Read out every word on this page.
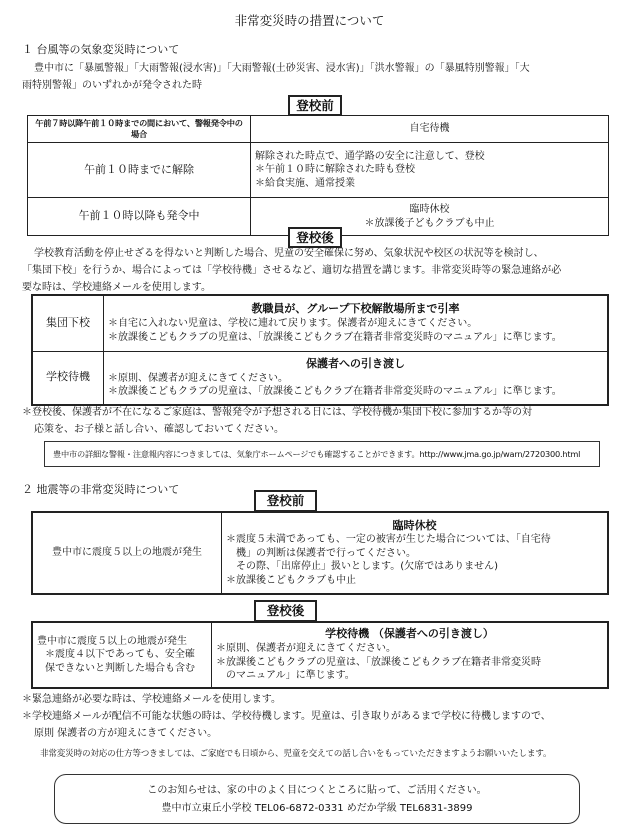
非常変災時の措置について
１ 台風等の気象変災時について
豊中市に「暴風警報」「大雨警報(浸水害)」「大雨警報(土砂災害、浸水害)」「洪水警報」の「暴風特別警報」「大
雨特別警報」のいずれかが発令された時
登校前
午前７時以降午前１０時までの間において、警報発令中の場合	自宅待機
午前１０時までに解除	解除された時点で、通学路の安全に注意して、登校
＊午前１０時に解除された時も登校
＊給食実施、通常授業

午前１０時以降も発令中	臨時休校
＊放課後子どもクラブも中止
登校後
学校教育活動を停止せざるを得ないと判断した場合、児童の安全確保に努め、気象状況や校区の状況等を検討し、
「集団下校」を行うか、場合によっては「学校待機」させるなど、適切な措置を講じます。非常変災時等の緊急連絡が必
要な時は、学校連絡メールを使用します。
集団下校	教職員が、グループ下校解散場所まで引率
＊自宅に入れない児童は、学校に連れて戻ります。保護者が迎えにきてください。
＊放課後こどもクラブの児童は、「放課後こどもクラブ在籍者非常変災時のマニュアル」に準じます。

学校待機	保護者への引き渡し
＊原則、保護者が迎えにきてください。
＊放課後こどもクラブの児童は、「放課後こどもクラブ在籍者非常変災時のマニュアル」に準じます。
＊登校後、保護者が不在になるご家庭は、警報発令が予想される日には、学校待機か集団下校に参加するか等の対
応策を、お子様と話し合い、確認しておいてください。
豊中市の詳細な警報・注意報内容につきましては、気象庁ホームページでも確認することができます。http://www.jma.go.jp/warn/2720300.html
２ 地震等の非常変災時について
登校前
豊中市に震度５以上の地震が発生	
臨時休校
＊震度５未満であっても、一定の被害が生じた場合については、「自宅待
機」の判断は保護者で行ってください。
その際、「出席停止」扱いとします。(欠席ではありません)
＊放課後こどもクラブも中止
登校後
豊中市に震度５以上の地震が発生
＊震度４以下であっても、安全確
保できないと判断した場合も含む

学校待機 （保護者への引き渡し）
＊原則、保護者が迎えにきてください。
＊放課後こどもクラブの児童は、「放課後こどもクラブ在籍者非常変災時
のマニュアル」に準じます。
＊緊急連絡が必要な時は、学校連絡メールを使用します。
＊学校連絡メールが配信不可能な状態の時は、学校待機します。児童は、引き取りがあるまで学校に待機しますので、
原則 保護者の方が迎えにきてください。
非常変災時の対応の仕方等つきましては、ご家庭でも日頃から、児童を交えての話し合いをもっていただきますようお願いいたします。
このお知らせは、家の中のよく目につくところに貼って、ご活用ください。
豊中市立東丘小学校 TEL06-6872-0331 めだか学級 TEL6831-3899
